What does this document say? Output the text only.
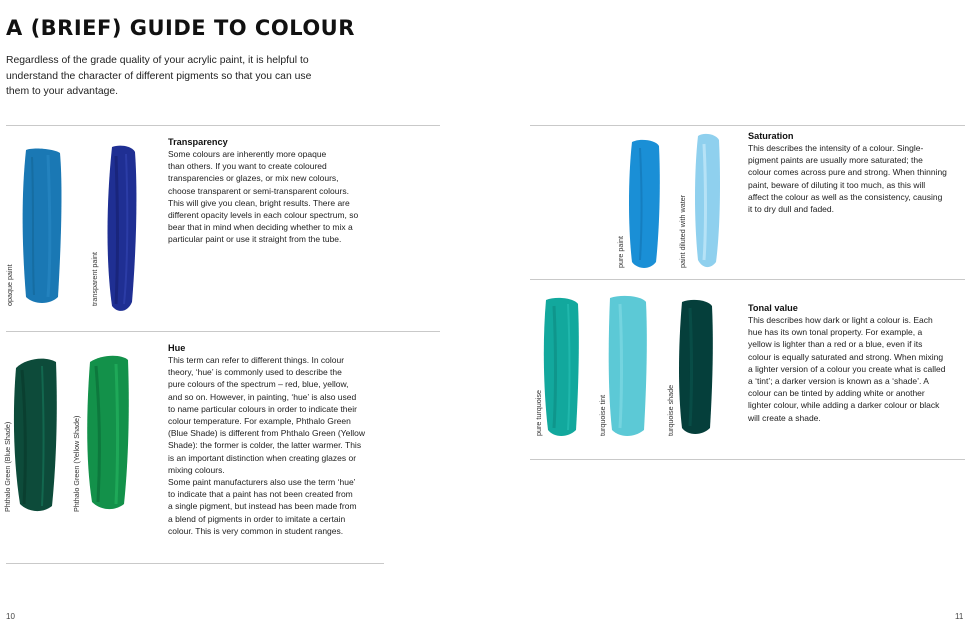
A (BRIEF) GUIDE TO COLOUR
Regardless of the grade quality of your acrylic paint, it is helpful to understand the character of different pigments so that you can use them to your advantage.
opaque paint	transparent paint
Transparency
Some colours are inherently more opaque
than others. If you want to create coloured
transparencies or glazes, or mix new colours,
choose transparent or semi-transparent colours.
This will give you clean, bright results. There are
different opacity levels in each colour spectrum, so
bear that in mind when deciding whether to mix a
particular paint or use it straight from the tube.
Phthalo Green (Blue Shade)	Phthalo Green (Yellow Shade)
Hue
This term can refer to different things. In colour
theory, ‘hue’ is commonly used to describe the
pure colours of the spectrum – red, blue, yellow,
and so on. However, in painting, ‘hue’ is also used
to name particular colours in order to indicate their
colour temperature. For example, Phthalo Green
(Blue Shade) is different from Phthalo Green (Yellow
Shade): the former is colder, the latter warmer. This
is an important distinction when creating glazes or
mixing colours.
Some paint manufacturers also use the term ‘hue’
to indicate that a paint has not been created from
a single pigment, but instead has been made from
a blend of pigments in order to imitate a certain
colour. This is very common in student ranges.
pure paint	paint diluted with water
Saturation
This describes the intensity of a colour. Single-
pigment paints are usually more saturated; the
colour comes across pure and strong. When thinning
paint, beware of diluting it too much, as this will
affect the colour as well as the consistency, causing
it to dry dull and faded.
pure turquoise	turquoise tint	turquoise shade
Tonal value
This describes how dark or light a colour is. Each
hue has its own tonal property. For example, a
yellow is lighter than a red or a blue, even if its
colour is equally saturated and strong. When mixing
a lighter version of a colour you create what is called
a ‘tint’; a darker version is known as a ‘shade’. A
colour can be tinted by adding white or another
lighter colour, while adding a darker colour or black
will create a shade.
10	11
